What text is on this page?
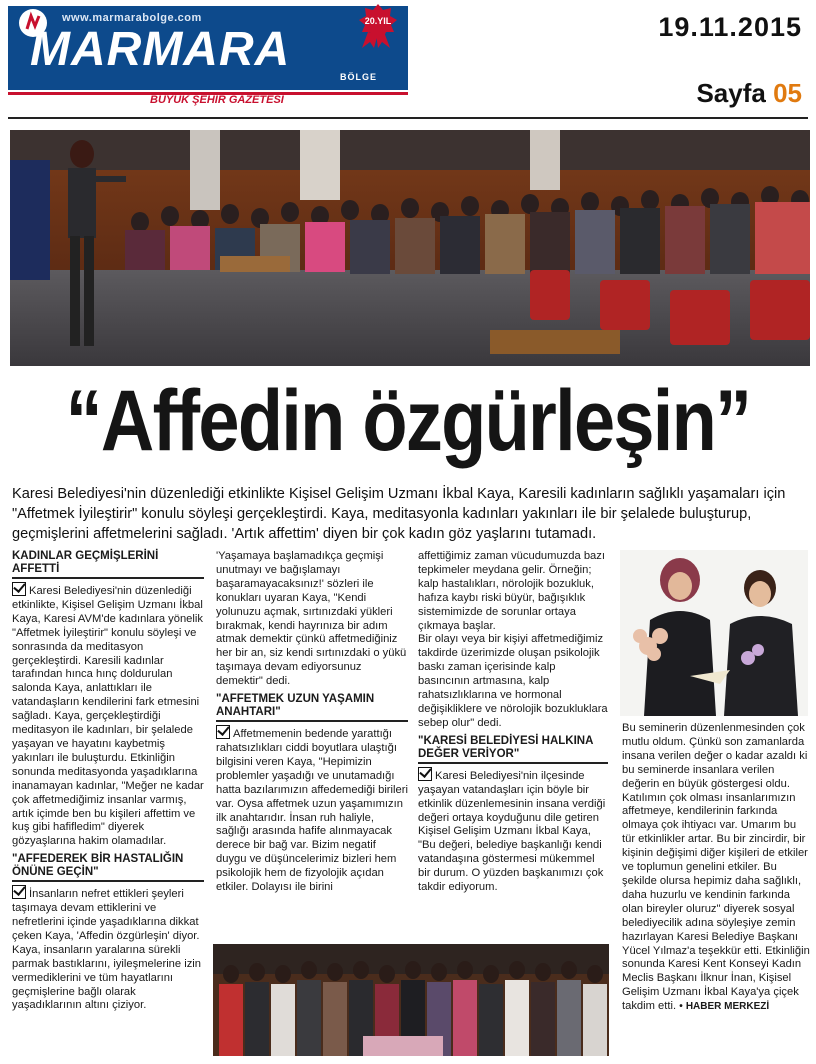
www.marmarabolge.com
MARMARA
BÖLGE
20.YIL
BÜYÜK ŞEHİR GAZETESİ
19.11.2015
Sayfa 05
“Affedin özgürleşin”
Karesi Belediyesi'nin düzenlediği etkinlikte Kişisel Gelişim Uzmanı İkbal Kaya, Karesili kadınların sağlıklı yaşamaları için "Affetmek İyileştirir" konulu söyleşi gerçekleştirdi. Kaya, meditasyonla kadınları yakınları ile bir şelalede buluşturup, geçmişlerini affetmelerini sağladı. 'Artık affettim' diyen bir çok kadın göz yaşlarını tutamadı.
KADINLAR GEÇMİŞLERİNİ AFFETTİ

Karesi Belediyesi'nin düzenlediği etkinlikte, Kişisel Gelişim Uzmanı İkbal Kaya, Karesi AVM'de kadınlara yönelik "Affetmek İyileştirir" konulu söyleşi ve sonrasında da meditasyon gerçekleştirdi. Karesili kadınlar tarafından hınca hınç doldurulan salonda Kaya, anlattıkları ile vatandaşların kendilerini fark etmesini sağladı. Kaya, gerçekleştirdiği meditasyon ile kadınları, bir şelalede yaşayan ve hayatını kaybetmiş yakınları ile buluşturdu. Etkinliğin sonunda meditasyonda yaşadıklarına inanamayan kadınlar, "Meğer ne kadar çok affetmediğimiz insanlar varmış, artık içimde ben bu kişileri affettim ve kuş gibi hafifledim" diyerek gözyaşlarına hakim olamadılar.

"AFFEDEREK BİR HASTALIĞIN ÖNÜNE GEÇİN"

İnsanların nefret ettikleri şeyleri taşımaya devam ettiklerini ve nefretlerini içinde yaşadıklarına dikkat çeken Kaya, 'Affedin özgürleşin' diyor. Kaya, insanların yaralarına sürekli parmak bastıklarını, iyileşmelerine izin vermediklerini ve tüm hayatlarını geçmişlerine bağlı olarak yaşadıklarının altını çiziyor.

'Yaşamaya başlamadıkça geçmişi unutmayı ve bağışlamayı başaramayacaksınız!' sözleri ile konukları uyaran Kaya, "Kendi yolunuzu açmak, sırtınızdaki yükleri bırakmak, kendi hayrınıza bir adım atmak demektir çünkü affetmediğiniz her bir an, siz kendi sırtınızdaki o yükü taşımaya devam ediyorsunuz demektir" dedi.

"AFFETMEK UZUN YAŞAMIN ANAHTARI"

Affetmemenin bedende yarattığı rahatsızlıkları ciddi boyutlara ulaştığı bilgisini veren Kaya, "Hepimizin problemler yaşadığı ve unutamadığı hatta bazılarımızın affedemediği birileri var. Oysa affetmek uzun yaşamımızın ilk anahtarıdır. İnsan ruh haliyle, sağlığı arasında hafife alınmayacak derece bir bağ var. Bizim negatif duygu ve düşüncelerimiz bizleri hem psikolojik hem de fizyolojik açıdan etkiler. Dolayısı ile birini

affettiğimiz zaman vücudumuzda bazı tepkimeler meydana gelir. Örneğin; kalp hastalıkları, nörolojik bozukluk, hafıza kaybı riski büyür, bağışıklık sistemimizde de sorunlar ortaya çıkmaya başlar.

Bir olayı veya bir kişiyi affetmediğimiz takdirde üzerimizde oluşan psikolojik baskı zaman içerisinde kalp basıncının artmasına, kalp rahatsızlıklarına ve hormonal değişikliklere ve nörolojik bozukluklara sebep olur" dedi.

"KARESİ BELEDİYESİ HALKINA DEĞER VERİYOR"

Karesi Belediyesi'nin ilçesinde yaşayan vatandaşları için böyle bir etkinlik düzenlemesinin insana verdiği değeri ortaya koyduğunu dile getiren Kişisel Gelişim Uzmanı İkbal Kaya, "Bu değeri, belediye başkanlığı kendi vatandaşına göstermesi mükemmel bir durum. O yüzden başkanımızı çok takdir ediyorum.

Bu seminerin düzenlenmesinden çok mutlu oldum. Çünkü son zamanlarda insana verilen değer o kadar azaldı ki bu seminerde insanlara verilen değerin en büyük göstergesi oldu. Katılımın çok olması insanlarımızın affetmeye, kendilerinin farkında olmaya çok ihtiyacı var. Umarım bu tür etkinlikler artar. Bu bir zincirdir, bir kişinin değişimi diğer kişileri de etkiler ve toplumun genelini etkiler. Bu şekilde olursa hepimiz daha sağlıklı, daha huzurlu ve kendinin farkında olan bireyler oluruz" diyerek sosyal belediyecilik adına söyleşiye zemin hazırlayan Karesi Belediye Başkanı Yücel Yılmaz'a teşekkür etti. Etkinliğin sonunda Karesi Kent Konseyi Kadın Meclis Başkanı İlknur İnan, Kişisel Gelişim Uzmanı İkbal Kaya'ya çiçek takdim etti. • HABER MERKEZİ
